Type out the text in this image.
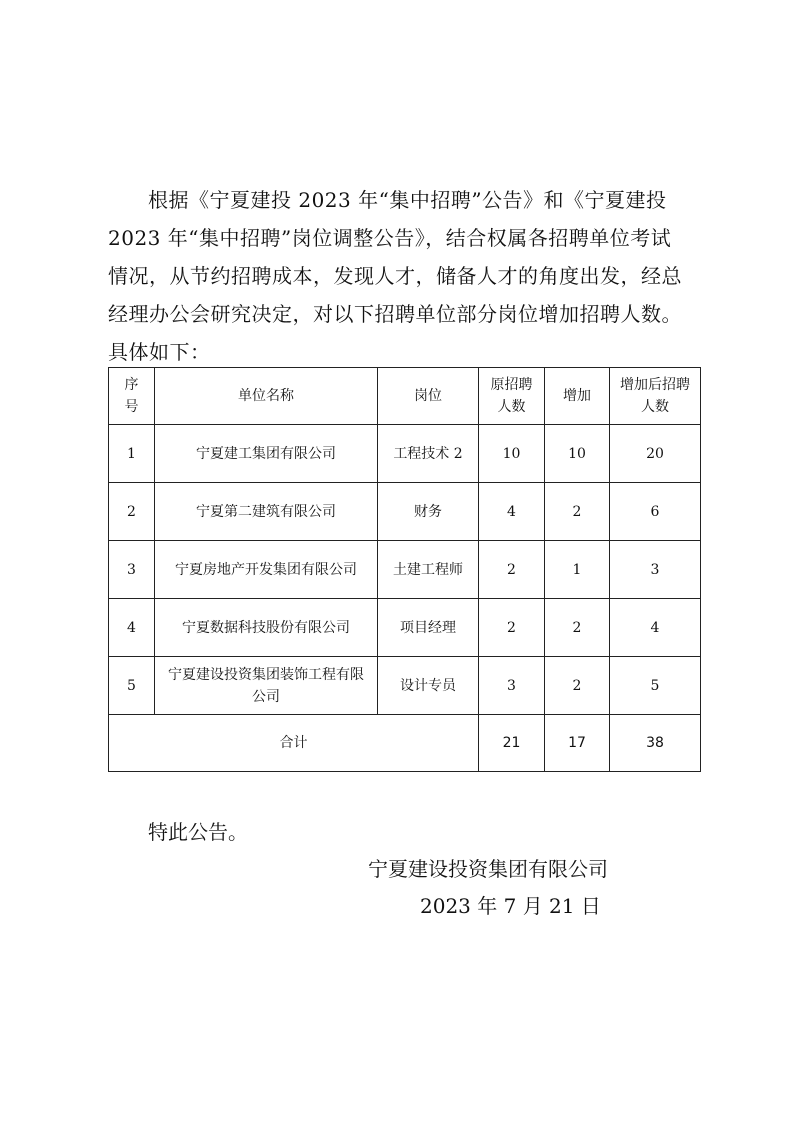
根据《宁夏建投 2023 年“集中招聘”公告》和《宁夏建投
2023 年“集中招聘”岗位调整公告》，结合权属各招聘单位考试
情况，从节约招聘成本，发现人才，储备人才的角度出发，经总
经理办公会研究决定，对以下招聘单位部分岗位增加招聘人数。
具体如下：
序号	单位名称	岗位	原招聘人数	增加	增加后招聘人数
1	宁夏建工集团有限公司	工程技术 2	10	10	20
2	宁夏第二建筑有限公司	财务	4	2	6
3	宁夏房地产开发集团有限公司	土建工程师	2	1	3
4	宁夏数据科技股份有限公司	项目经理	2	2	4
5	宁夏建设投资集团装饰工程有限公司	设计专员	3	2	5
合计			21	17	38
特此公告。
宁夏建设投资集团有限公司
2023 年 7 月 21 日
